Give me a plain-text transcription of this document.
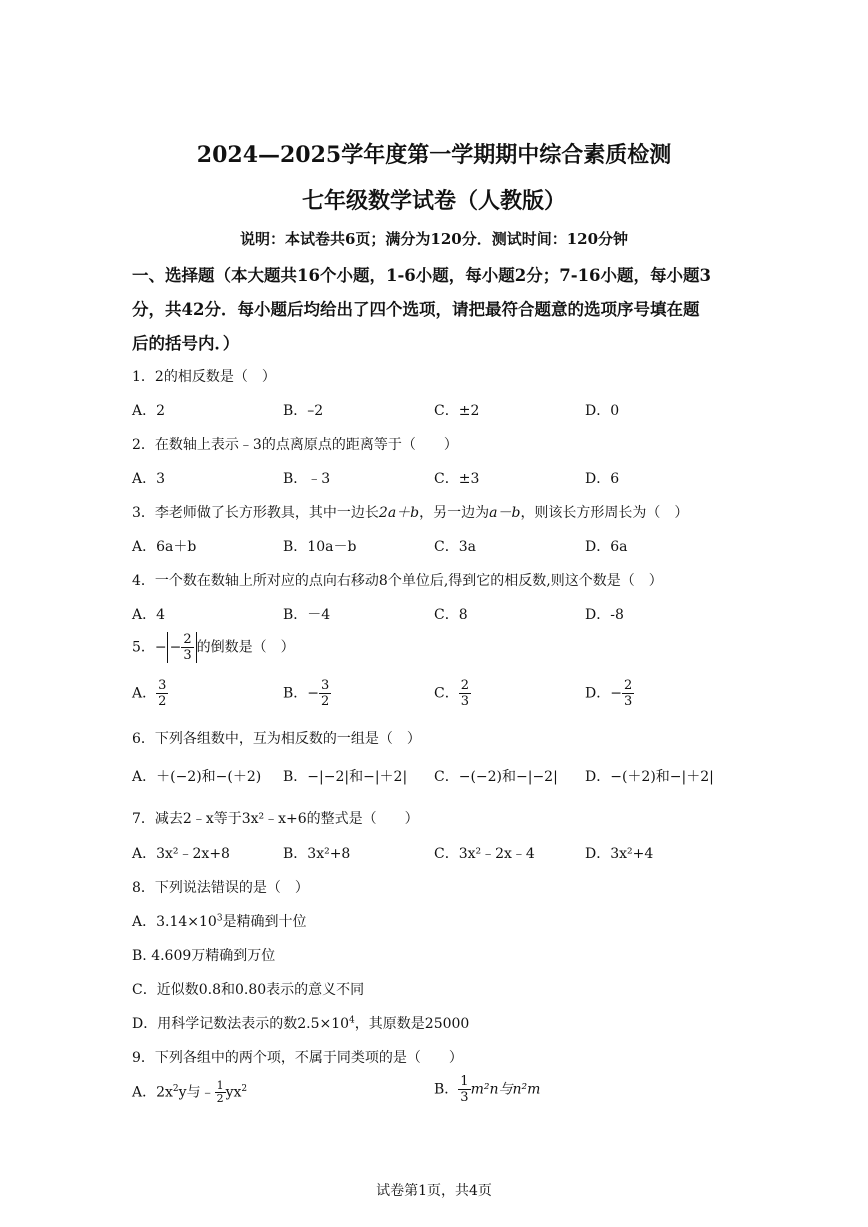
2024—2025学年度第一学期期中综合素质检测
七年级数学试卷（人教版）
说明：本试卷共6页；满分为120分．测试时间：120分钟
一、选择题（本大题共16个小题，1-6小题，每小题2分；7-16小题，每小题3
分，共42分．每小题后均给出了四个选项，请把最符合题意的选项序号填在题
后的括号内．）
1．2的相反数是（　）
A．2	B．–2	C．±2	D．0
2．在数轴上表示﹣3的点离原点的距离等于（　　）
A．3	B．﹣3	C．±3	D．6
3．李老师做了长方形教具，其中一边长2a＋b，另一边为a－b，则该长方形周长为（　）
A．6a＋b	B．10a－b	C．3a	D．6a
4．一个数在数轴上所对应的点向右移动8个单位后,得到它的相反数,则这个数是（　）
A．4	B．－4	C．8	D．-8
5．− − $\frac{2}{3}$ 的倒数是（　）
A． $\frac{3}{2}$	B．− $\frac{3}{2}$	C． $\frac{2}{3}$	D．− $\frac{2}{3}$
6．下列各组数中，互为相反数的一组是（　）
A．＋(−2)和−(＋2) B．−|−2|和−|＋2| C．−(−2)和−|−2| D．−(＋2)和−|＋2|
7．减去2﹣x等于3x²﹣x+6的整式是（　　）
A．3x²﹣2x+8	B．3x²+8	C．3x²﹣2x﹣4	D．3x²+4
8．下列说法错误的是（　）
A．$3.14\times 10^3$是精确到十位
B. 4.609万精确到万位
C．近似数0.8和0.80表示的意义不同
D．用科学记数法表示的数$2.5\times 10^4$，其原数是25000
9．下列各组中的两个项，不属于同类项的是（　　）
A．$2x^2y$与﹣ $\frac{1}{2} yx^2$	B． $\frac{1}{3} m^2n$与n²m
试卷第1页，共4页
